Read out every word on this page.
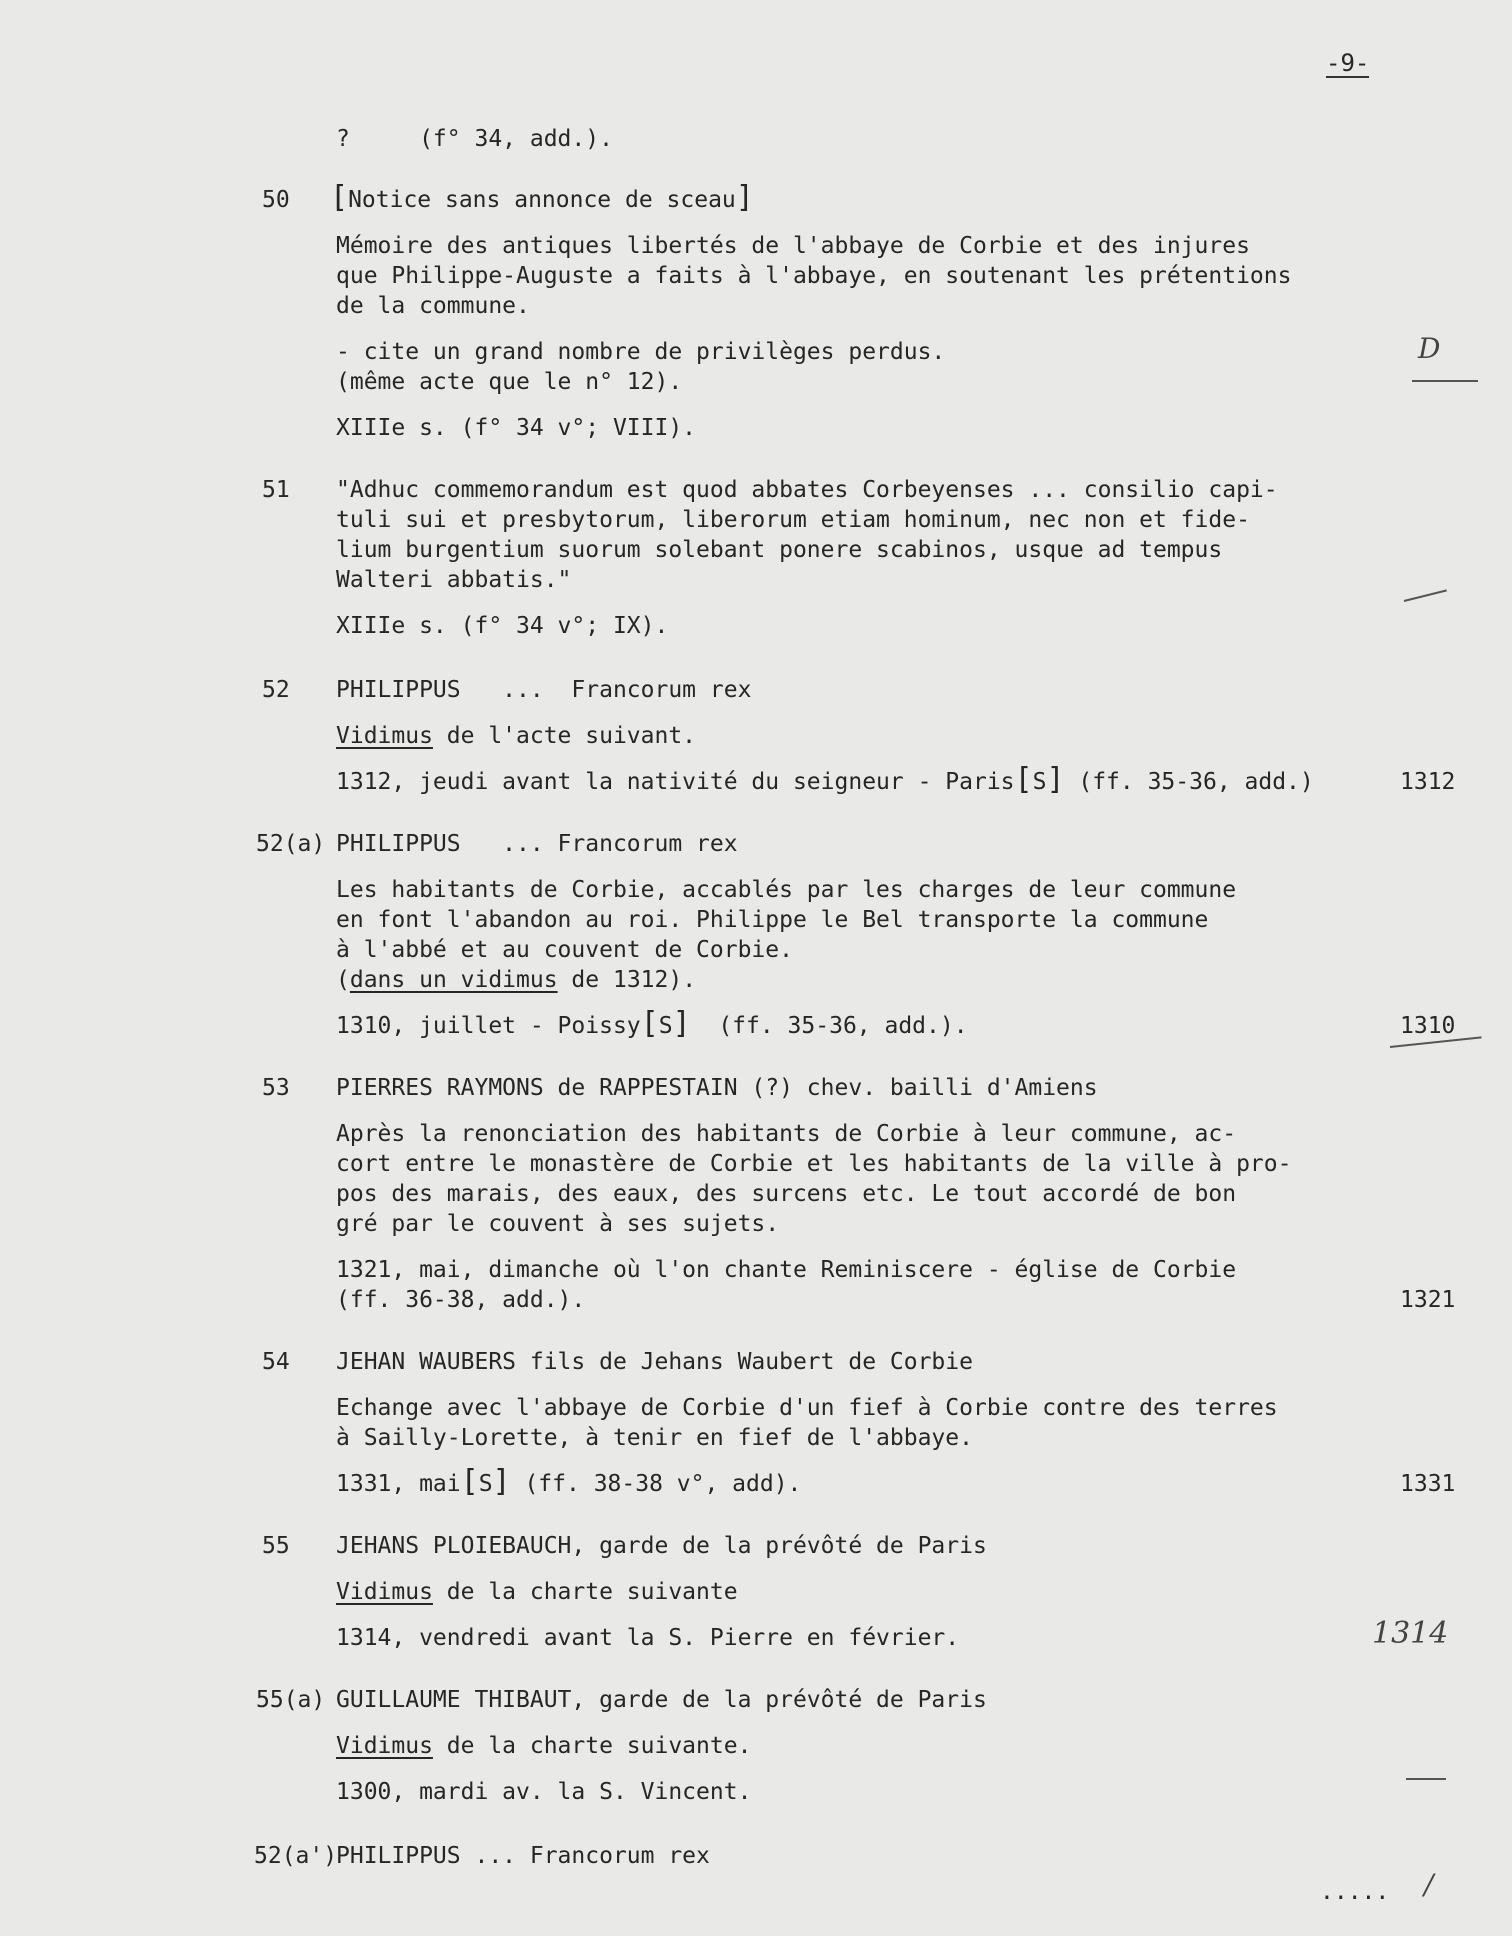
-9-
?     (f° 34, add.).
50 [Notice sans annonce de sceau]
Mémoire des antiques libertés de l'abbaye de Corbie et des injures
que Philippe-Auguste a faits à l'abbaye, en soutenant les prétentions
de la commune.
- cite un grand nombre de privilèges perdus.
(même acte que le n° 12).
XIIIe s. (f° 34 v°; VIII).
D
51 "Adhuc commemorandum est quod abbates Corbeyenses ... consilio capi-
tuli sui et presbytorum, liberorum etiam hominum, nec non et fide-
lium burgentium suorum solebant ponere scabinos, usque ad tempus
Walteri abbatis."
XIIIe s. (f° 34 v°; IX).
52 PHILIPPUS   ...  Francorum rex
Vidimus de l'acte suivant.
1312, jeudi avant la nativité du seigneur - Paris[S] (ff. 35-36, add.)	1312
52(a) PHILIPPUS   ... Francorum rex
Les habitants de Corbie, accablés par les charges de leur commune
en font l'abandon au roi. Philippe le Bel transporte la commune
à l'abbé et au couvent de Corbie.
(dans un vidimus de 1312).
1310, juillet - Poissy[S]  (ff. 35-36, add.).	1310
53 PIERRES RAYMONS de RAPPESTAIN (?) chev. bailli d'Amiens
Après la renonciation des habitants de Corbie à leur commune, ac-
cort entre le monastère de Corbie et les habitants de la ville à pro-
pos des marais, des eaux, des surcens etc. Le tout accordé de bon
gré par le couvent à ses sujets.
1321, mai, dimanche où l'on chante Reminiscere - église de Corbie
(ff. 36-38, add.).	1321
54 JEHAN WAUBERS fils de Jehans Waubert de Corbie
Echange avec l'abbaye de Corbie d'un fief à Corbie contre des terres
à Sailly-Lorette, à tenir en fief de l'abbaye.
1331, mai[S] (ff. 38-38 v°, add).	1331
55 JEHANS PLOIEBAUCH, garde de la prévôté de Paris
Vidimus de la charte suivante
1314, vendredi avant la S. Pierre en février.	1314
55(a) GUILLAUME THIBAUT, garde de la prévôté de Paris
Vidimus de la charte suivante.
1300, mardi av. la S. Vincent.
52(a')
PHILIPPUS ... Francorum rex
..... /
